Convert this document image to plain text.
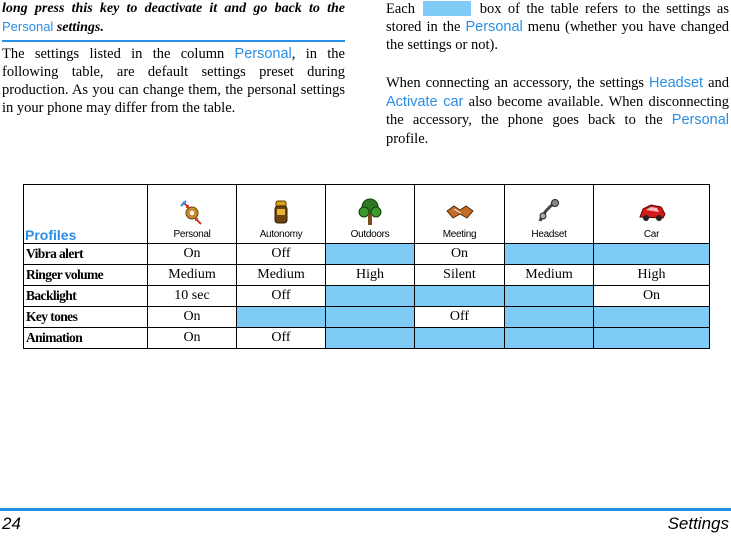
long press this key to deactivate it and go back to the Personal settings.
The settings listed in the column Personal, in the following table, are default settings preset during production. As you can change them, the personal settings in your phone may differ from the table.
Each	box of the table refers to the settings as stored in the Personal menu (whether you have changed the settings or not).
When connecting an accessory, the settings Headset and Activate car also become available. When disconnecting the accessory, the phone goes back to the Personal profile.
Profiles	Personal	Autonomy	Outdoors	Meeting	Headset	Car

Vibra alert	On	Off		On		
Ringer volume	Medium	Medium	High	Silent	Medium	High
Backlight	10 sec	Off				On
Key tones	On			Off		
Animation	On	Off				
24	Settings
